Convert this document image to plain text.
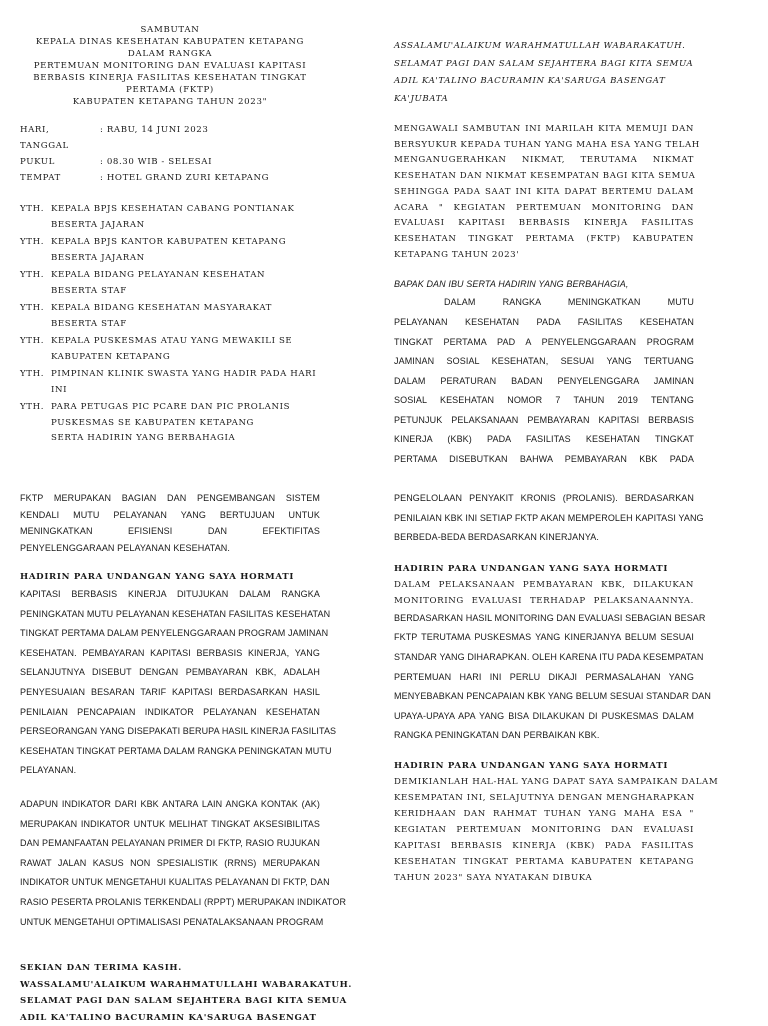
SAMBUTAN
KEPALA DINAS KESEHATAN KABUPATEN KETAPANG
DALAM RANGKA
PERTEMUAN MONITORING DAN EVALUASI KAPITASI
BERBASIS KINERJA FASILITAS KESEHATAN TINGKAT
PERTAMA (FKTP)
KABUPATEN KETAPANG TAHUN 2023"
HARI, TANGGAL
: RABU, 14 JUNI 2023
PUKUL	: 08.30 WIB - SELESAI
TEMPAT	: HOTEL GRAND ZURI KETAPANG
YTH. KEPALA BPJS KESEHATAN CABANG PONTIANAK
BESERTA JAJARAN
YTH. KEPALA BPJS KANTOR KABUPATEN KETAPANG
BESERTA JAJARAN
YTH. KEPALA BIDANG PELAYANAN KESEHATAN
BESERTA STAF
YTH. KEPALA BIDANG KESEHATAN MASYARAKAT
BESERTA STAF
YTH. KEPALA PUSKESMAS ATAU YANG MEWAKILI SE
KABUPATEN KETAPANG
YTH. PIMPINAN KLINIK SWASTA YANG HADIR PADA HARI
INI
YTH. PARA PETUGAS PIC PCARE DAN PIC PROLANIS
PUSKESMAS SE KABUPATEN KETAPANG
SERTA HADIRIN YANG BERBAHAGIA
ASSALAMU'ALAIKUM WARAHMATULLAH WABARAKATUH.
SELAMAT PAGI DAN SALAM SEJAHTERA BAGI KITA SEMUA
ADIL KA'TALINO BACURAMIN KA'SARUGA BASENGAT
KA'JUBATA
MENGAWALI SAMBUTAN INI MARILAH KITA MEMUJI DAN
BERSYUKUR KEPADA TUHAN YANG MAHA ESA YANG TELAH
MENGANUGERAHKAN NIKMAT, TERUTAMA NIKMAT
KESEHATAN DAN NIKMAT KESEMPATAN BAGI KITA SEMUA
SEHINGGA PADA SAAT INI KITA DAPAT BERTEMU DALAM
ACARA " KEGIATAN PERTEMUAN MONITORING DAN
EVALUASI KAPITASI BERBASIS KINERJA FASILITAS
KESEHATAN TINGKAT PERTAMA (FKTP) KABUPATEN
KETAPANG TAHUN 2023'
BAPAK DAN IBU SERTA HADIRIN YANG BERBAHAGIA,
DALAM RANGKA MENINGKATKAN MUTU
PELAYANAN KESEHATAN PADA FASILITAS KESEHATAN
TINGKAT PERTAMA PAD A PENYELENGGARAAN PROGRAM
JAMINAN SOSIAL KESEHATAN, SESUAI YANG TERTUANG
DALAM PERATURAN BADAN PENYELENGGARA JAMINAN
SOSIAL KESEHATAN NOMOR 7 TAHUN 2019 TENTANG
PETUNJUK PELAKSANAAN PEMBAYARAN KAPITASI BERBASIS
KINERJA (KBK) PADA FASILITAS KESEHATAN TINGKAT
PERTAMA DISEBUTKAN BAHWA PEMBAYARAN KBK PADA
FKTP MERUPAKAN BAGIAN DAN PENGEMBANGAN SISTEM
KENDALI MUTU PELAYANAN YANG BERTUJUAN UNTUK
MENINGKATKAN EFISIENSI DAN EFEKTIFITAS
PENYELENGGARAAN PELAYANAN KESEHATAN.
HADIRIN PARA UNDANGAN YANG SAYA HORMATI
KAPITASI BERBASIS KINERJA DITUJUKAN DALAM RANGKA
PENINGKATAN MUTU PELAYANAN KESEHATAN FASILITAS KESEHATAN
TINGKAT PERTAMA DALAM PENYELENGGARAAN PROGRAM JAMINAN
KESEHATAN. PEMBAYARAN KAPITASI BERBASIS KINERJA, YANG
SELANJUTNYA DISEBUT DENGAN PEMBAYARAN KBK, ADALAH
PENYESUAIAN BESARAN TARIF KAPITASI BERDASARKAN HASIL
PENILAIAN PENCAPAIAN INDIKATOR PELAYANAN KESEHATAN
PERSEORANGAN YANG DISEPAKATI BERUPA HASIL KINERJA FASILITAS
KESEHATAN TINGKAT PERTAMA DALAM RANGKA PENINGKATAN MUTU
PELAYANAN.
ADAPUN INDIKATOR DARI KBK ANTARA LAIN ANGKA KONTAK (AK)
MERUPAKAN INDIKATOR UNTUK MELIHAT TINGKAT AKSESIBILITAS
DAN PEMANFAATAN PELAYANAN PRIMER DI FKTP, RASIO RUJUKAN
RAWAT JALAN KASUS NON SPESIALISTIK (RRNS) MERUPAKAN
INDIKATOR UNTUK MENGETAHUI KUALITAS PELAYANAN DI FKTP, DAN
RASIO PESERTA PROLANIS TERKENDALI (RPPT) MERUPAKAN INDIKATOR
UNTUK MENGETAHUI OPTIMALISASI PENATALAKSANAAN PROGRAM
PENGELOLAAN PENYAKIT KRONIS (PROLANIS). BERDASARKAN
PENILAIAN KBK INI SETIAP FKTP AKAN MEMPEROLEH KAPITASI YANG
BERBEDA-BEDA BERDASARKAN KINERJANYA.
HADIRIN PARA UNDANGAN YANG SAYA HORMATI
DALAM PELAKSANAAN PEMBAYARAN KBK, DILAKUKAN
MONITORING EVALUASI TERHADAP PELAKSANAANNYA.
BERDASARKAN HASIL MONITORING DAN EVALUASI SEBAGIAN BESAR
FKTP TERUTAMA PUSKESMAS YANG KINERJANYA BELUM SESUAI
STANDAR YANG DIHARAPKAN. OLEH KARENA ITU PADA KESEMPATAN
PERTEMUAN HARI INI PERLU DIKAJI PERMASALAHAN YANG
MENYEBABKAN PENCAPAIAN KBK YANG BELUM SESUAI STANDAR DAN
UPAYA-UPAYA APA YANG BISA DILAKUKAN DI PUSKESMAS DALAM
RANGKA PENINGKATAN DAN PERBAIKAN KBK.
HADIRIN PARA UNDANGAN YANG SAYA HORMATI
DEMIKIANLAH HAL-HAL YANG DAPAT SAYA SAMPAIKAN DALAM
KESEMPATAN INI, SELAJUTNYA DENGAN MENGHARAPKAN
KERIDHAAN DAN RAHMAT TUHAN YANG MAHA ESA "
KEGIATAN PERTEMUAN MONITORING DAN EVALUASI
KAPITASI BERBASIS KINERJA (KBK) PADA FASILITAS
KESEHATAN TINGKAT PERTAMA KABUPATEN KETAPANG
TAHUN 2023" SAYA NYATAKAN DIBUKA
SEKIAN DAN TERIMA KASIH.
WASSALAMU'ALAIKUM WARAHMATULLAHI WABARAKATUH.
SELAMAT PAGI DAN SALAM SEJAHTERA BAGI KITA SEMUA
ADIL KA'TALINO BACURAMIN KA'SARUGA BASENGAT
